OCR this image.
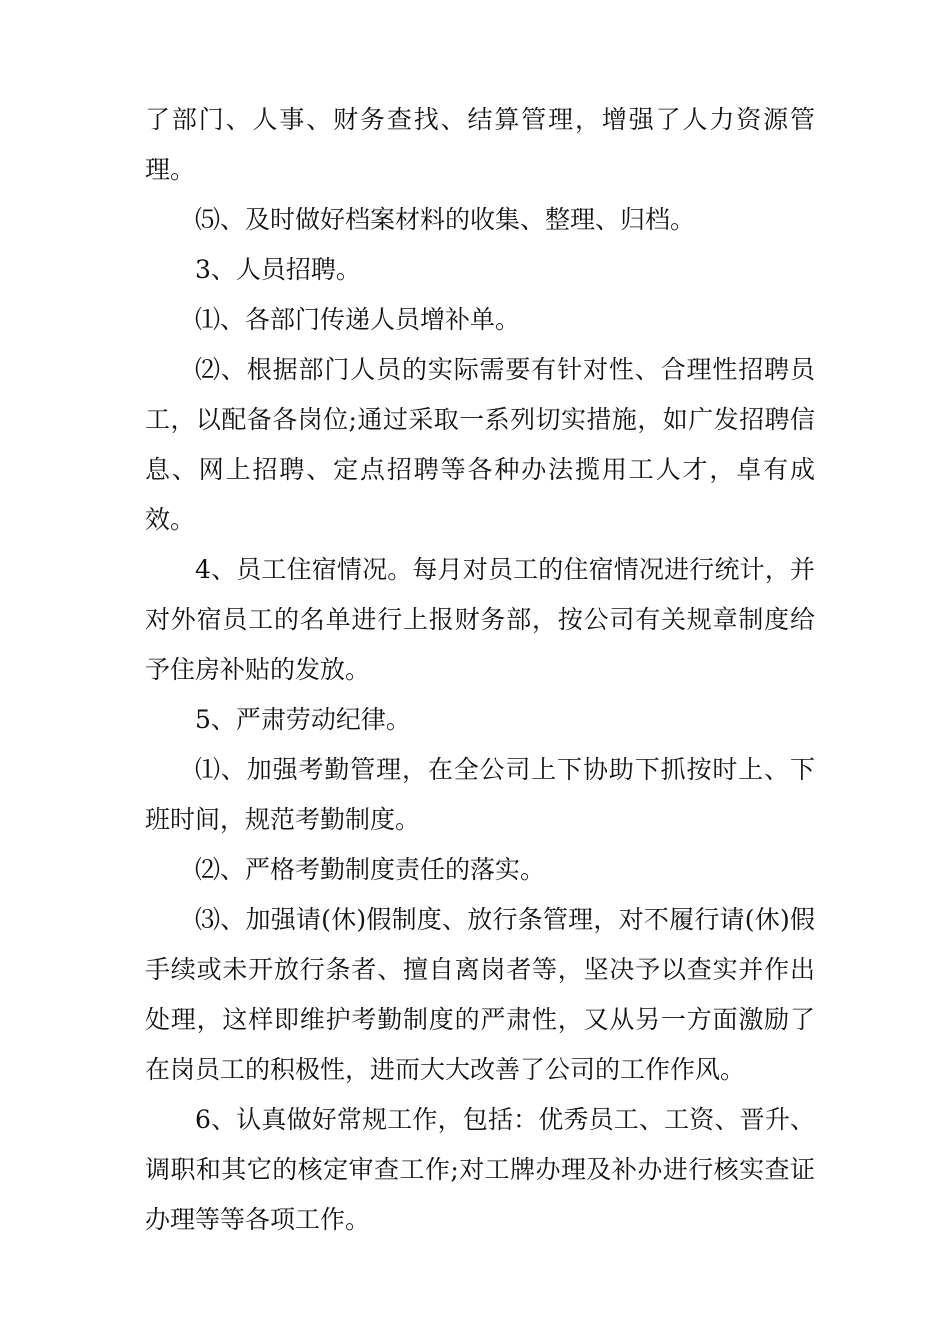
了部门、人事、财务查找、结算管理，增强了人力资源管理。

⑸、及时做好档案材料的收集、整理、归档。

3、人员招聘。

⑴、各部门传递人员增补单。

⑵、根据部门人员的实际需要有针对性、合理性招聘员工，以配备各岗位;通过采取一系列切实措施，如广发招聘信息、网上招聘、定点招聘等各种办法揽用工人才，卓有成效。

4、员工住宿情况。每月对员工的住宿情况进行统计，并对外宿员工的名单进行上报财务部，按公司有关规章制度给予住房补贴的发放。

5、严肃劳动纪律。

⑴、加强考勤管理，在全公司上下协助下抓按时上、下班时间，规范考勤制度。

⑵、严格考勤制度责任的落实。

⑶、加强请(休)假制度、放行条管理，对不履行请(休)假手续或未开放行条者、擅自离岗者等，坚决予以查实并作出处理，这样即维护考勤制度的严肃性，又从另一方面激励了在岗员工的积极性，进而大大改善了公司的工作作风。

6、认真做好常规工作，包括：优秀员工、工资、晋升、调职和其它的核定审查工作;对工牌办理及补办进行核实查证办理等等各项工作。
